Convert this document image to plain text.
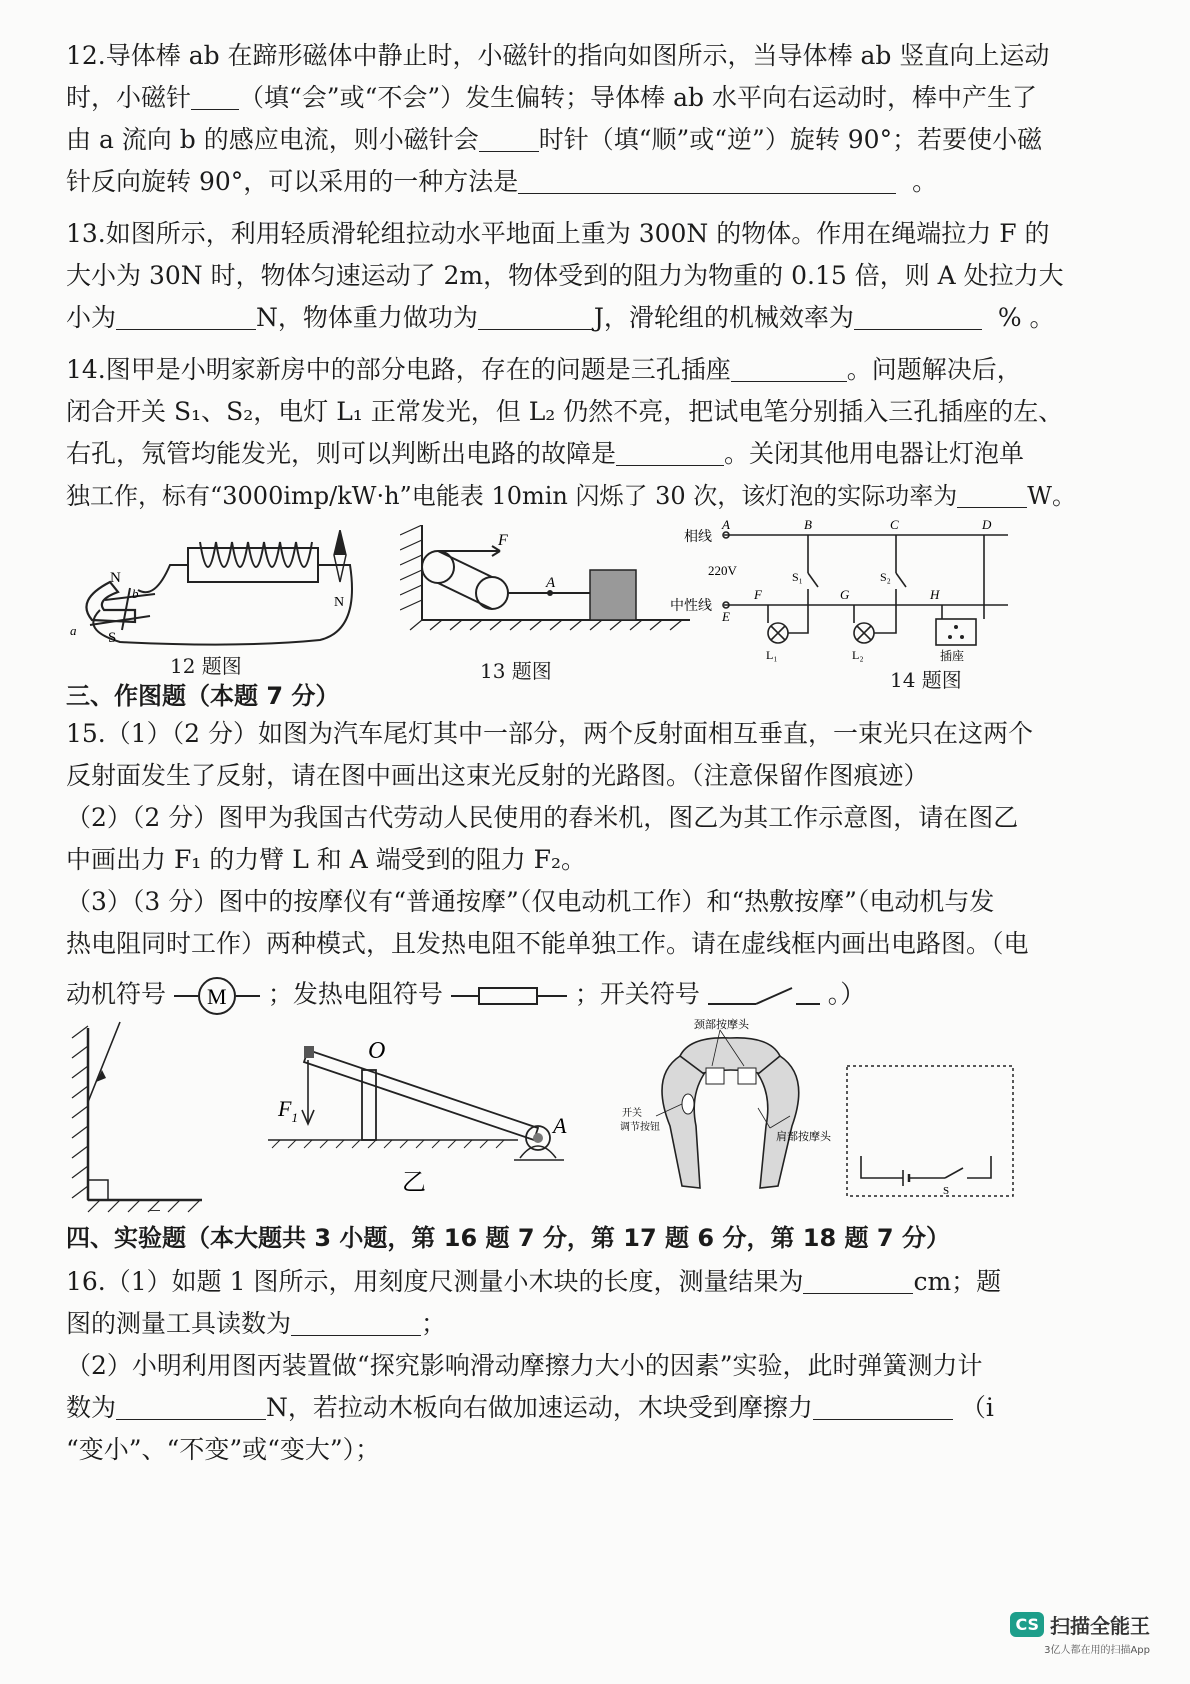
12.导体棒 ab 在蹄形磁体中静止时，小磁针的指向如图所示，当导体棒 ab 竖直向上运动
时，小磁针 （填“会”或“不会”）发生偏转；导体棒 ab 水平向右运动时，棒中产生了
由 a 流向 b 的感应电流，则小磁针会 时针（填“顺”或“逆”）旋转 90°；若要使小磁
针反向旋转 90°，可以采用的一种方法是	。
13.如图所示，利用轻质滑轮组拉动水平地面上重为 300N 的物体。作用在绳端拉力 F 的
大小为 30N 时，物体匀速运动了 2m，物体受到的阻力为物重的 0.15 倍，则 A 处拉力大
小为	N，物体重力做功为	J，滑轮组的机械效率为	% 。
14.图甲是小明家新房中的部分电路，存在的问题是三孔插座	。问题解决后，
闭合开关 S₁、S₂，电灯 L₁ 正常发光，但 L₂ 仍然不亮，把试电笔分别插入三孔插座的左、
右孔，氖管均能发光，则可以判断出电路的故障是	。关闭其他用电器让灯泡单
独工作，标有“3000imp/kW·h”电能表 10min 闪烁了 30 次，该灯泡的实际功率为	W。
N
S
b
a
N
12 题图
F
A
13 题图
相线
220V
中性线
A
E
B	C	D
F	G	H
S₁	S₂
L₁	L₂	插座
14 题图
三、作图题（本题 7 分）
15.（1）（2 分）如图为汽车尾灯其中一部分，两个反射面相互垂直，一束光只在这两个
反射面发生了反射，请在图中画出这束光反射的光路图。（注意保留作图痕迹）
（2）（2 分）图甲为我国古代劳动人民使用的舂米机，图乙为其工作示意图，请在图乙
中画出力 F₁ 的力臂 L 和 A 端受到的阻力 F₂。
（3）（3 分）图中的按摩仪有“普通按摩”（仅电动机工作）和“热敷按摩”（电动机与发
热电阻同时工作）两种模式，且发热电阻不能单独工作。请在虚线框内画出电路图。（电
动机符号 M ；发热电阻符号	；开关符号	。）
O
$F_1$	A
乙
颈部按摩头
开关
调节按钮
肩部按摩头
S
四、实验题（本大题共 3 小题，第 16 题 7 分，第 17 题 6 分，第 18 题 7 分）
16.（1）如题 1 图所示，用刻度尺测量小木块的长度，测量结果为	cm；题
图的测量工具读数为	；
（2）小明利用图丙装置做“探究影响滑动摩擦力大小的因素”实验，此时弹簧测力计
数为	N，若拉动木板向右做加速运动，木块受到摩擦力	（i
“变小”、“不变”或“变大”）；
CS 扫描全能王
3亿人都在用的扫描App
